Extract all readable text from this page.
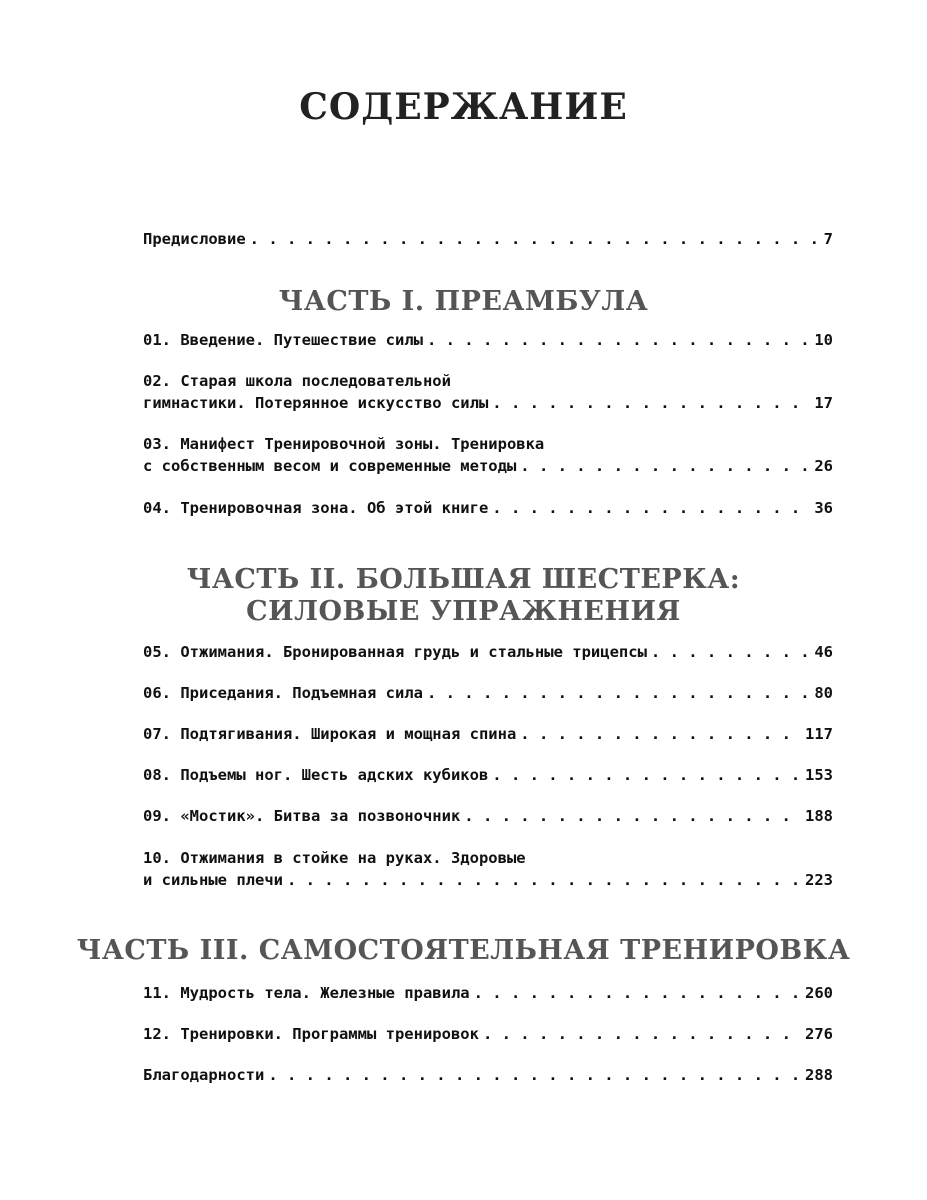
СОДЕРЖАНИЕ
Предисловие . . .	7
ЧАСТЬ I. ПРЕАМБУЛА
01. Введение. Путешествие силы . . .	10
02. Старая школа последовательной
гимнастики. Потерянное искусство силы . . .	17
03. Манифест Тренировочной зоны. Тренировка
с собственным весом и современные методы . . .	26
04. Тренировочная зона. Об этой книге . . .	36
ЧАСТЬ II. БОЛЬШАЯ ШЕСТЕРКА:
СИЛОВЫЕ УПРАЖНЕНИЯ
05. Отжимания. Бронированная грудь и стальные трицепсы . . .	46
06. Приседания. Подъемная сила . . .	80
07. Подтягивания. Широкая и мощная спина . . .	117
08. Подъемы ног. Шесть адских кубиков . . .	153
09. «Мостик». Битва за позвоночник . . .	188
10. Отжимания в стойке на руках. Здоровые
и сильные плечи . . .	223
ЧАСТЬ III. САМОСТОЯТЕЛЬНАЯ ТРЕНИРОВКА
11. Мудрость тела. Железные правила . . .	260
12. Тренировки. Программы тренировок . . .	276
Благодарности . . .	288
